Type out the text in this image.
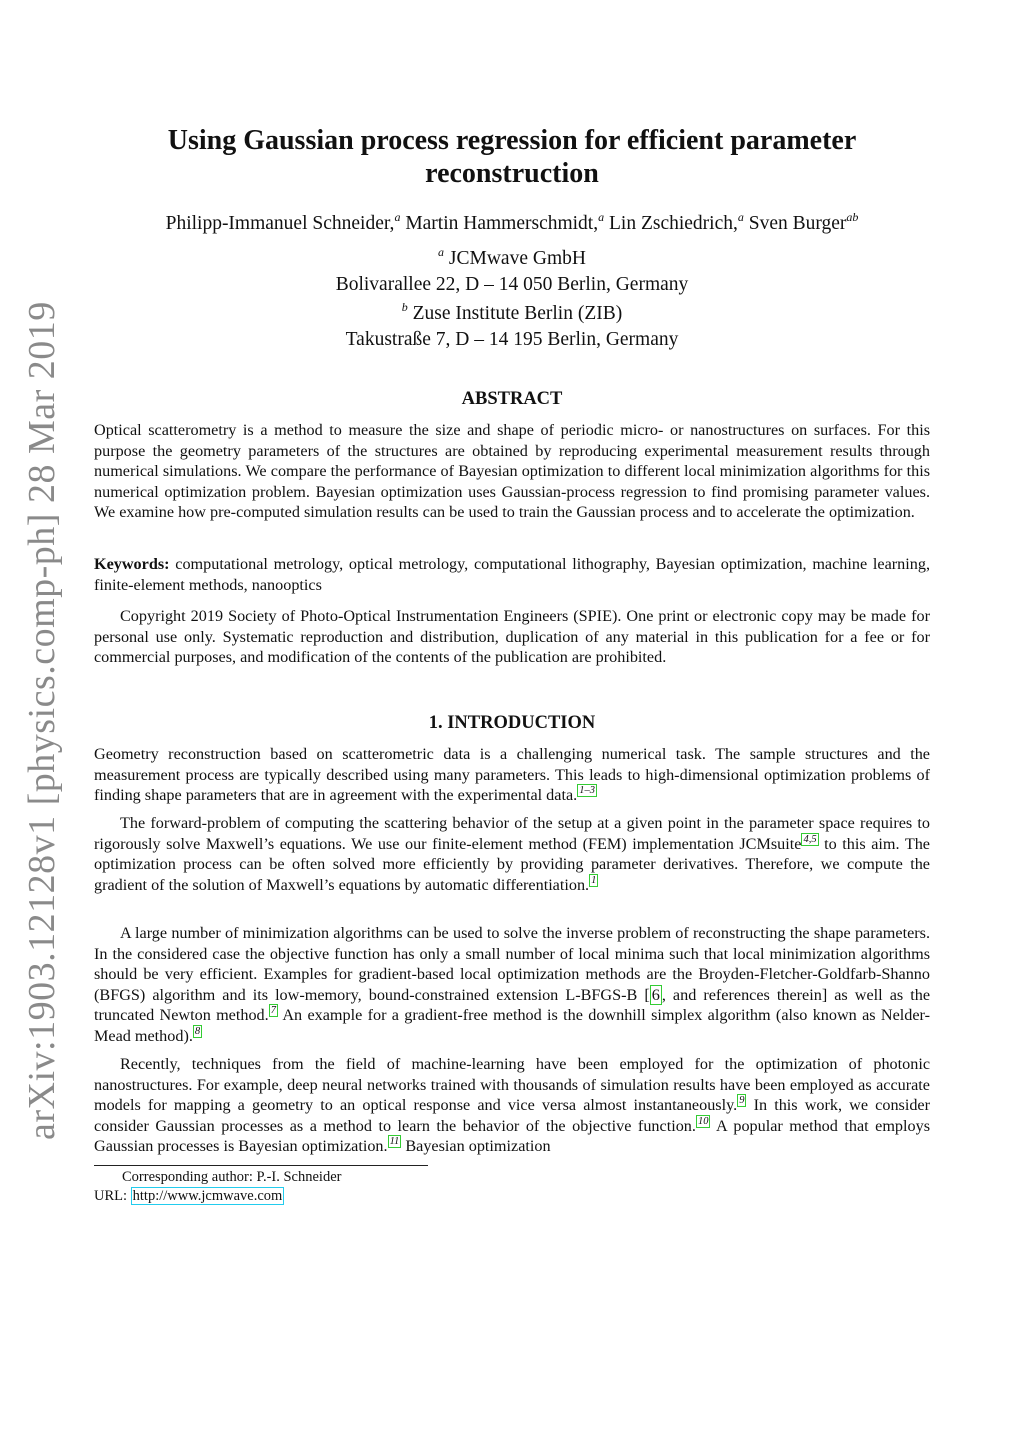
arXiv:1903.12128v1 [physics.comp-ph] 28 Mar 2019
Using Gaussian process regression for efficient parameter
reconstruction
Philipp-Immanuel Schneider,$^a$ Martin Hammerschmidt,$^a$ Lin Zschiedrich,$^a$ Sven Burger$^{ab}$
$^a$ JCMwave GmbH
Bolivarallee 22, D – 14 050 Berlin, Germany
$^b$ Zuse Institute Berlin (ZIB)
Takustraße 7, D – 14 195 Berlin, Germany
ABSTRACT
Optical scatterometry is a method to measure the size and shape of periodic micro- or nanostructures on surfaces. For this purpose the geometry parameters of the structures are obtained by reproducing experimental measurement results through numerical simulations. We compare the performance of Bayesian optimization to different local minimization algorithms for this numerical optimization problem. Bayesian optimization uses Gaussian-process regression to find promising parameter values. We examine how pre-computed simulation results can be used to train the Gaussian process and to accelerate the optimization.
Keywords: computational metrology, optical metrology, computational lithography, Bayesian optimization, machine learning, finite-element methods, nanooptics
Copyright 2019 Society of Photo-Optical Instrumentation Engineers (SPIE). One print or electronic copy may be made for personal use only. Systematic reproduction and distribution, duplication of any material in this publication for a fee or for commercial purposes, and modification of the contents of the publication are prohibited.
1. INTRODUCTION
Geometry reconstruction based on scatterometric data is a challenging numerical task. The sample structures and the measurement process are typically described using many parameters. This leads to high-dimensional optimization problems of finding shape parameters that are in agreement with the experimental data. $^{1-3}$
The forward-problem of computing the scattering behavior of the setup at a given point in the parameter space requires to rigorously solve Maxwell’s equations. We use our finite-element method (FEM) implementation JCMsuite $^{4,5}$ to this aim. The optimization process can be often solved more efficiently by providing parameter derivatives. Therefore, we compute the gradient of the solution of Maxwell’s equations by automatic differentiation. $^1$
A large number of minimization algorithms can be used to solve the inverse problem of reconstructing the shape parameters. In the considered case the objective function has only a small number of local minima such that local minimization algorithms should be very efficient. Examples for gradient-based local optimization methods are the Broyden-Fletcher-Goldfarb-Shanno (BFGS) algorithm and its low-memory, bound-constrained extension L-BFGS-B [ 6 , and references therein] as well as the truncated Newton method. $^7$ An example for a gradient-free method is the downhill simplex algorithm (also known as Nelder-Mead method). $^8$
Recently, techniques from the field of machine-learning have been employed for the optimization of photonic nanostructures. For example, deep neural networks trained with thousands of simulation results have been employed as accurate models for mapping a geometry to an optical response and vice versa almost instantaneously. $^9$ In this work, we consider consider Gaussian processes as a method to learn the behavior of the objective function. $^{10}$ A popular method that employs Gaussian processes is Bayesian optimization. $^{11}$ Bayesian optimization
Corresponding author: P.-I. Schneider
URL: http://www.jcmwave.com
